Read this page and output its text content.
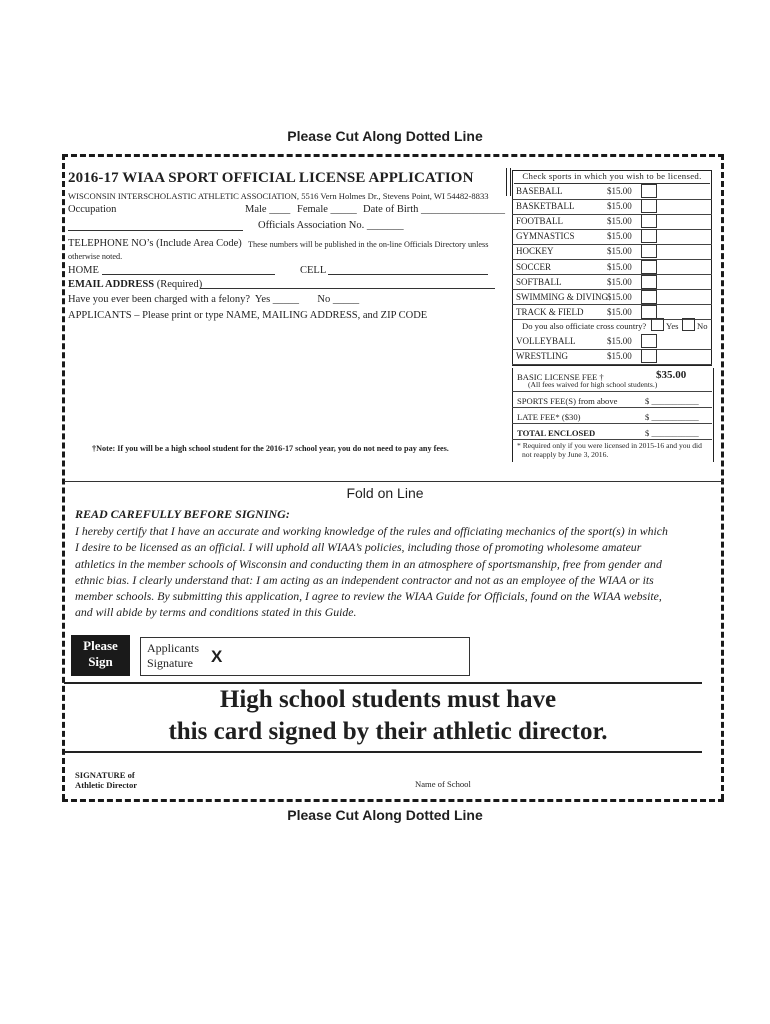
Please Cut Along Dotted Line
2016-17 WIAA SPORT OFFICIAL LICENSE APPLICATION
WISCONSIN INTERSCHOLASTIC ATHLETIC ASSOCIATION, 5516 Vern Holmes Dr., Stevens Point, WI 54482-8833
Occupation	Male ____ Female _____ Date of Birth ________________
Officials Association No. _______
TELEPHONE NO’s (Include Area Code) These numbers will be published in the on-line Officials Directory unless
otherwise noted.
HOME	CELL
EMAIL ADDRESS (Required)
Have you ever been charged with a felony?  Yes _____       No _____
APPLICANTS – Please print or type NAME, MAILING ADDRESS, and ZIP CODE
†Note: If you will be a high school student for the 2016-17 school year, you do not need to pay any fees.
Check sports in which you wish to be licensed.
BASEBALL	$15.00
BASKETBALL	$15.00
FOOTBALL	$15.00
GYMNASTICS	$15.00
HOCKEY	$15.00
SOCCER	$15.00
SOFTBALL	$15.00
SWIMMING & DIVING $15.00
TRACK & FIELD	$15.00
Do you also officiate cross country? Yes No
VOLLEYBALL	$15.00
WRESTLING	$15.00
BASIC LICENSE FEE †	$35.00
(All fees waived for high school students.)
SPORTS FEE(S) from above	$ ___________
LATE FEE* ($30)	$ ___________
TOTAL ENCLOSED	$ ___________
* Required only if you were licensed in 2015-16 and you did
not reapply by June 3, 2016.
Fold on Line
READ CAREFULLY BEFORE SIGNING:
I hereby certify that I have an accurate and working knowledge of the rules and officiating mechanics of the sport(s) in which
I desire to be licensed as an official. I will uphold all WIAA’s policies, including those of promoting wholesome amateur
athletics in the member schools of Wisconsin and conducting them in an atmosphere of sportsmanship, free from gender and
ethnic bias. I clearly understand that: I am acting as an independent contractor and not as an employee of the WIAA or its
member schools. By submitting this application, I agree to review the WIAA Guide for Officials, found on the WIAA website,
and will abide by terms and conditions stated in this Guide.
Please
Sign
Applicants
Signature	X
High school students must have
this card signed by their athletic director.
SIGNATURE of
Athletic Director	Name of School
Please Cut Along Dotted Line
